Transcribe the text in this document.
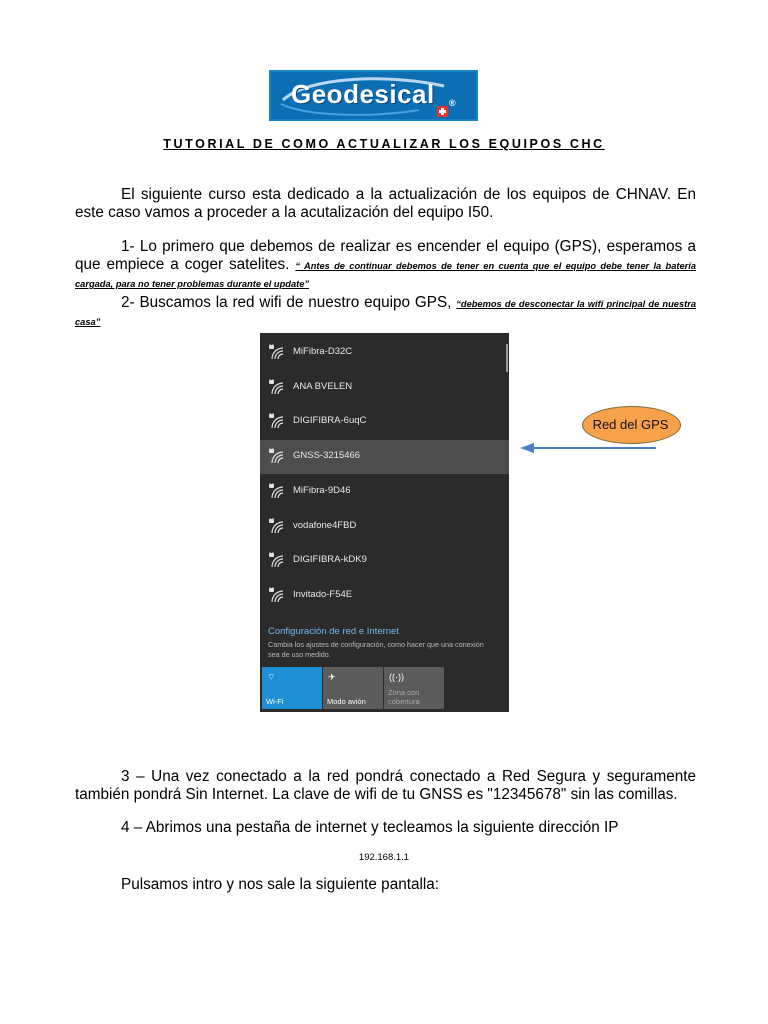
Geodesical ®
TUTORIAL DE COMO ACTUALIZAR LOS EQUIPOS CHC
El siguiente curso esta dedicado a la actualización de los equipos de CHNAV. En este caso vamos a proceder a la acutalización del equipo I50.
1- Lo primero que debemos de realizar es encender el equipo (GPS), esperamos a que empiece a coger satelites. “ Antes de continuar debemos de tener en cuenta que el equipo debe tener la batería cargada, para no tener problemas durante el update”
2- Buscamos la red wifi de nuestro equipo GPS, “debemos de desconectar la wifi principal de nuestra casa”
MiFibra-D32C
ANA BVELEN
DIGIFIBRA-6uqC
GNSS-3215466
MiFibra-9D46
vodafone4FBD
DIGIFIBRA-kDK9
Invitado-F54E
Configuración de red e Internet
Cambia los ajustes de configuración, como hacer que una conexión sea de uso medido.
⌔
Wi-Fi
✈
Modo avión
((·))
Zona con cobertura
Red del GPS
3 – Una vez conectado a la red pondrá conectado a Red Segura y seguramente también pondrá Sin Internet. La clave de wifi de tu GNSS es "12345678" sin las comillas.
4 – Abrimos una pestaña de internet y tecleamos la siguiente dirección IP
192.168.1.1
Pulsamos intro y nos sale la siguiente pantalla:
